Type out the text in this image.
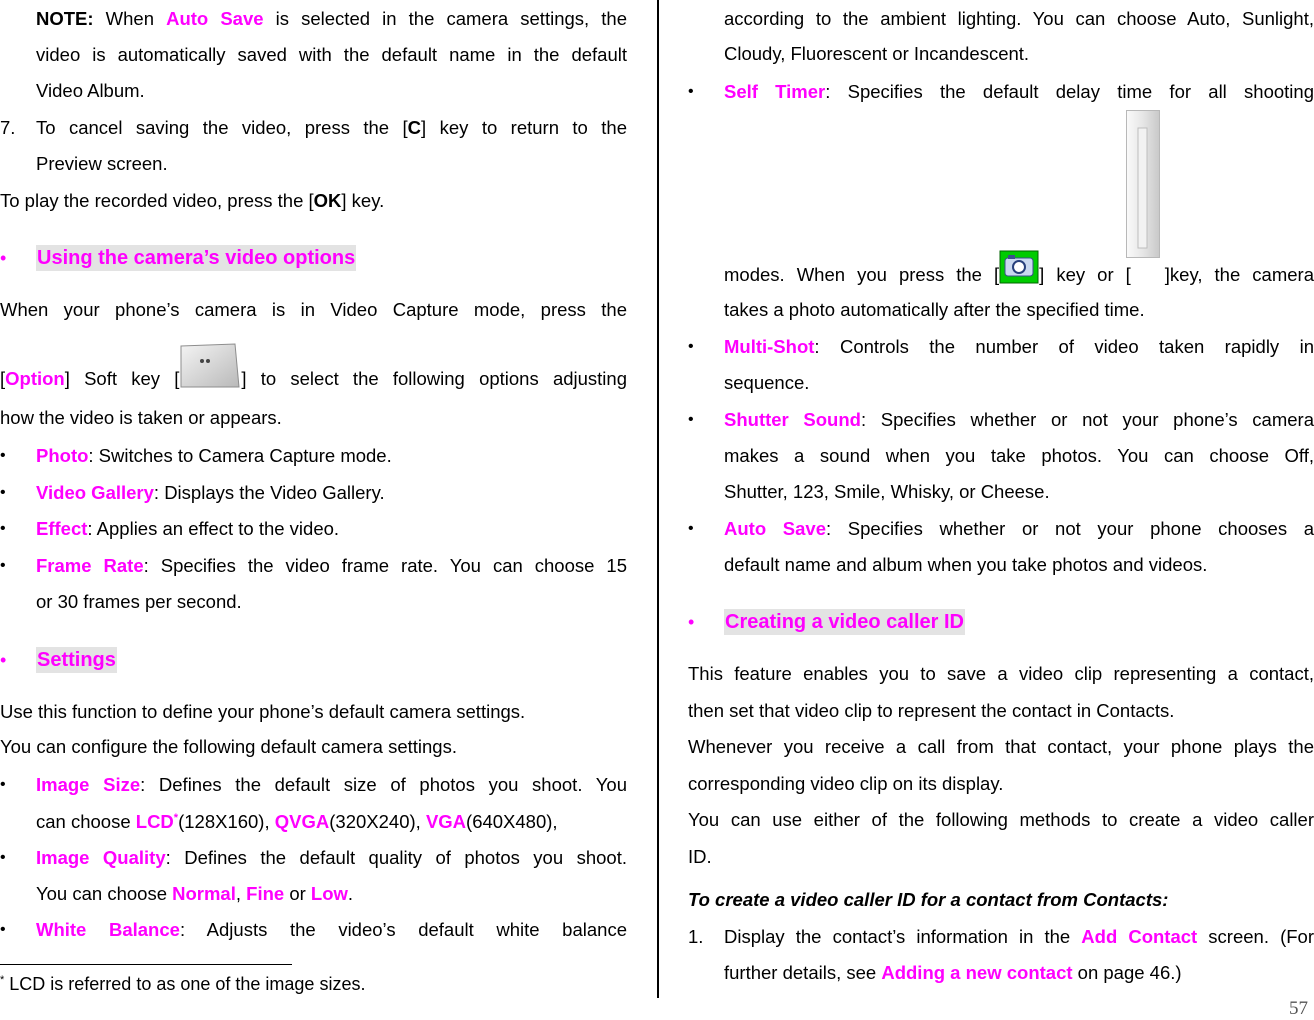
NOTE: When Auto Save is selected in the camera settings, the
video is automatically saved with the default name in the default
Video Album.
7. To cancel saving the video, press the [C] key to return to the
Preview screen.
To play the recorded video, press the [OK] key.
• Using the camera’s video options
When your phone’s camera is in Video Capture mode, press the
[Option] Soft key [	] to select the following options adjusting
how the video is taken or appears.
• Photo: Switches to Camera Capture mode.
• Video Gallery: Displays the Video Gallery.
• Effect: Applies an effect to the video.
• Frame Rate: Specifies the video frame rate. You can choose 15
or 30 frames per second.
• Settings
Use this function to define your phone’s default camera settings.
You can configure the following default camera settings.
• Image Size: Defines the default size of photos you shoot. You
can choose LCD*(128X160), QVGA(320X240), VGA(640X480),
• Image Quality: Defines the default quality of photos you shoot.
You can choose Normal, Fine or Low.
• White Balance: Adjusts the video’s default white balance
* LCD is referred to as one of the image sizes.
according to the ambient lighting. You can choose Auto, Sunlight,
Cloudy, Fluorescent or Incandescent.
• Self Timer: Specifies the default delay time for all shooting
modes. When you press the [ ] key or [ ]key, the camera
takes a photo automatically after the specified time.
• Multi-Shot: Controls the number of video taken rapidly in
sequence.
• Shutter Sound: Specifies whether or not your phone’s camera
makes a sound when you take photos. You can choose Off,
Shutter, 123, Smile, Whisky, or Cheese.
• Auto Save: Specifies whether or not your phone chooses a
default name and album when you take photos and videos.
• Creating a video caller ID
This feature enables you to save a video clip representing a contact,
then set that video clip to represent the contact in Contacts.
Whenever you receive a call from that contact, your phone plays the
corresponding video clip on its display.
You can use either of the following methods to create a video caller
ID.
To create a video caller ID for a contact from Contacts:
1. Display the contact’s information in the Add Contact screen. (For
further details, see Adding a new contact on page 46.)
57
